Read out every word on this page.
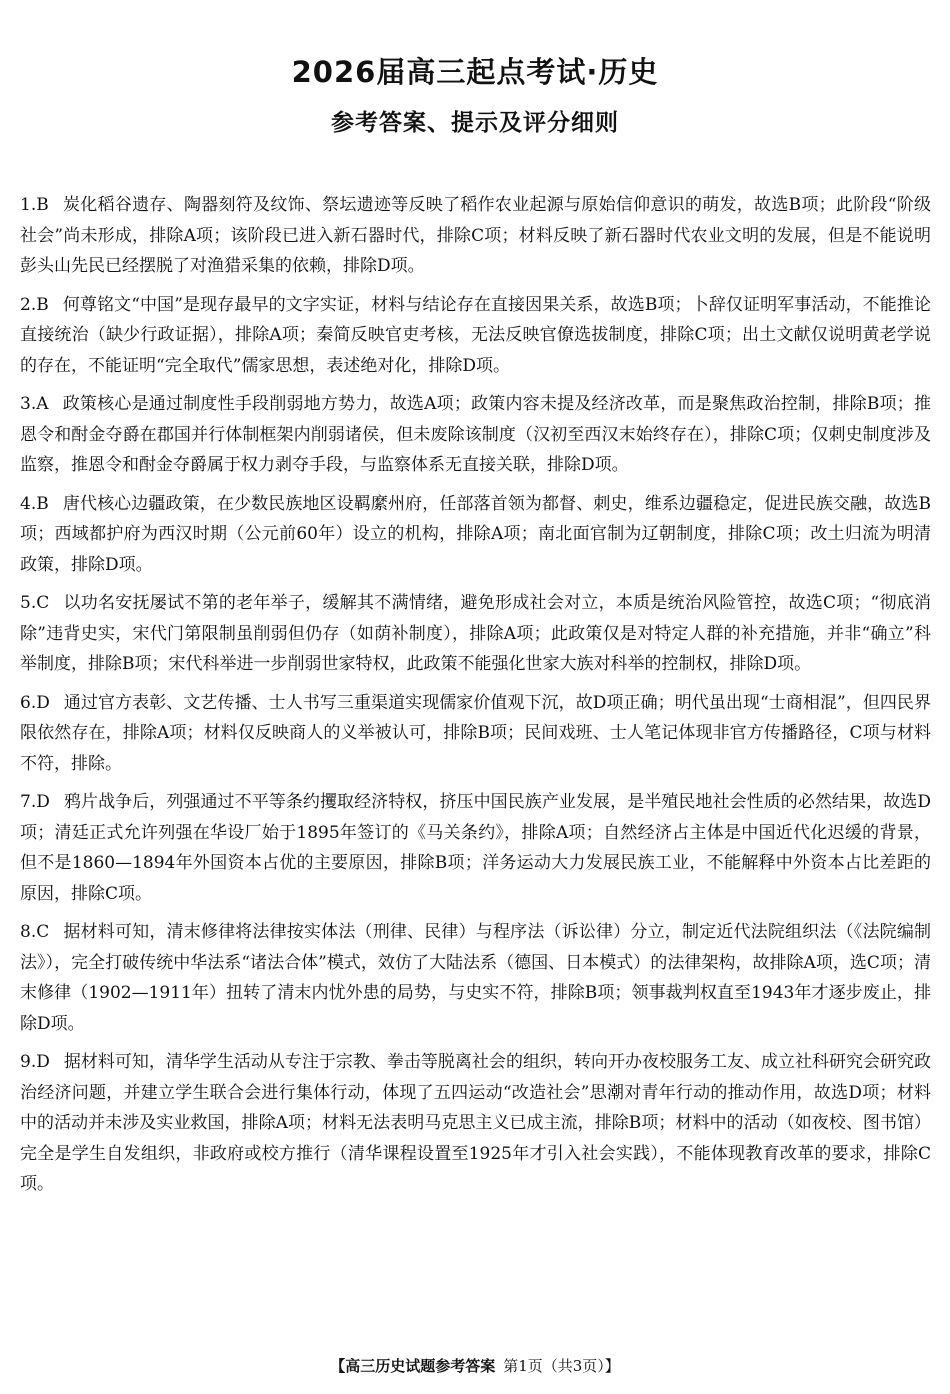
2026届高三起点考试·历史
参考答案、提示及评分细则
1.B 炭化稻谷遗存、陶器刻符及纹饰、祭坛遗迹等反映了稻作农业起源与原始信仰意识的萌发，故选B项；此阶段“阶级社会”尚未形成，排除A项；该阶段已进入新石器时代，排除C项；材料反映了新石器时代农业文明的发展，但是不能说明彭头山先民已经摆脱了对渔猎采集的依赖，排除D项。
2.B 何尊铭文“中国”是现存最早的文字实证，材料与结论存在直接因果关系，故选B项；卜辞仅证明军事活动，不能推论直接统治（缺少行政证据），排除A项；秦简反映官吏考核，无法反映官僚选拔制度，排除C项；出土文献仅说明黄老学说的存在，不能证明“完全取代”儒家思想，表述绝对化，排除D项。
3.A 政策核心是通过制度性手段削弱地方势力，故选A项；政策内容未提及经济改革，而是聚焦政治控制，排除B项；推恩令和酎金夺爵在郡国并行体制框架内削弱诸侯，但未废除该制度（汉初至西汉末始终存在），排除C项；仅刺史制度涉及监察，推恩令和酎金夺爵属于权力剥夺手段，与监察体系无直接关联，排除D项。
4.B 唐代核心边疆政策，在少数民族地区设羁縻州府，任部落首领为都督、刺史，维系边疆稳定，促进民族交融，故选B项；西域都护府为西汉时期（公元前60年）设立的机构，排除A项；南北面官制为辽朝制度，排除C项；改土归流为明清政策，排除D项。
5.C 以功名安抚屡试不第的老年举子，缓解其不满情绪，避免形成社会对立，本质是统治风险管控，故选C项；“彻底消除”违背史实，宋代门第限制虽削弱但仍存（如荫补制度），排除A项；此政策仅是对特定人群的补充措施，并非“确立”科举制度，排除B项；宋代科举进一步削弱世家特权，此政策不能强化世家大族对科举的控制权，排除D项。
6.D 通过官方表彰、文艺传播、士人书写三重渠道实现儒家价值观下沉，故D项正确；明代虽出现“士商相混”，但四民界限依然存在，排除A项；材料仅反映商人的义举被认可，排除B项；民间戏班、士人笔记体现非官方传播路径，C项与材料不符，排除。
7.D 鸦片战争后，列强通过不平等条约攫取经济特权，挤压中国民族产业发展，是半殖民地社会性质的必然结果，故选D项；清廷正式允许列强在华设厂始于1895年签订的《马关条约》，排除A项；自然经济占主体是中国近代化迟缓的背景，但不是1860—1894年外国资本占优的主要原因，排除B项；洋务运动大力发展民族工业，不能解释中外资本占比差距的原因，排除C项。
8.C 据材料可知，清末修律将法律按实体法（刑律、民律）与程序法（诉讼律）分立，制定近代法院组织法（《法院编制法》），完全打破传统中华法系“诸法合体”模式，效仿了大陆法系（德国、日本模式）的法律架构，故排除A项，选C项；清末修律（1902—1911年）扭转了清末内忧外患的局势，与史实不符，排除B项；领事裁判权直至1943年才逐步废止，排除D项。
9.D 据材料可知，清华学生活动从专注于宗教、拳击等脱离社会的组织，转向开办夜校服务工友、成立社科研究会研究政治经济问题，并建立学生联合会进行集体行动，体现了五四运动“改造社会”思潮对青年行动的推动作用，故选D项；材料中的活动并未涉及实业救国，排除A项；材料无法表明马克思主义已成主流，排除B项；材料中的活动（如夜校、图书馆）完全是学生自发组织，非政府或校方推行（清华课程设置至1925年才引入社会实践），不能体现教育改革的要求，排除C项。
【高三历史试题参考答案 第1页（共3页）】
